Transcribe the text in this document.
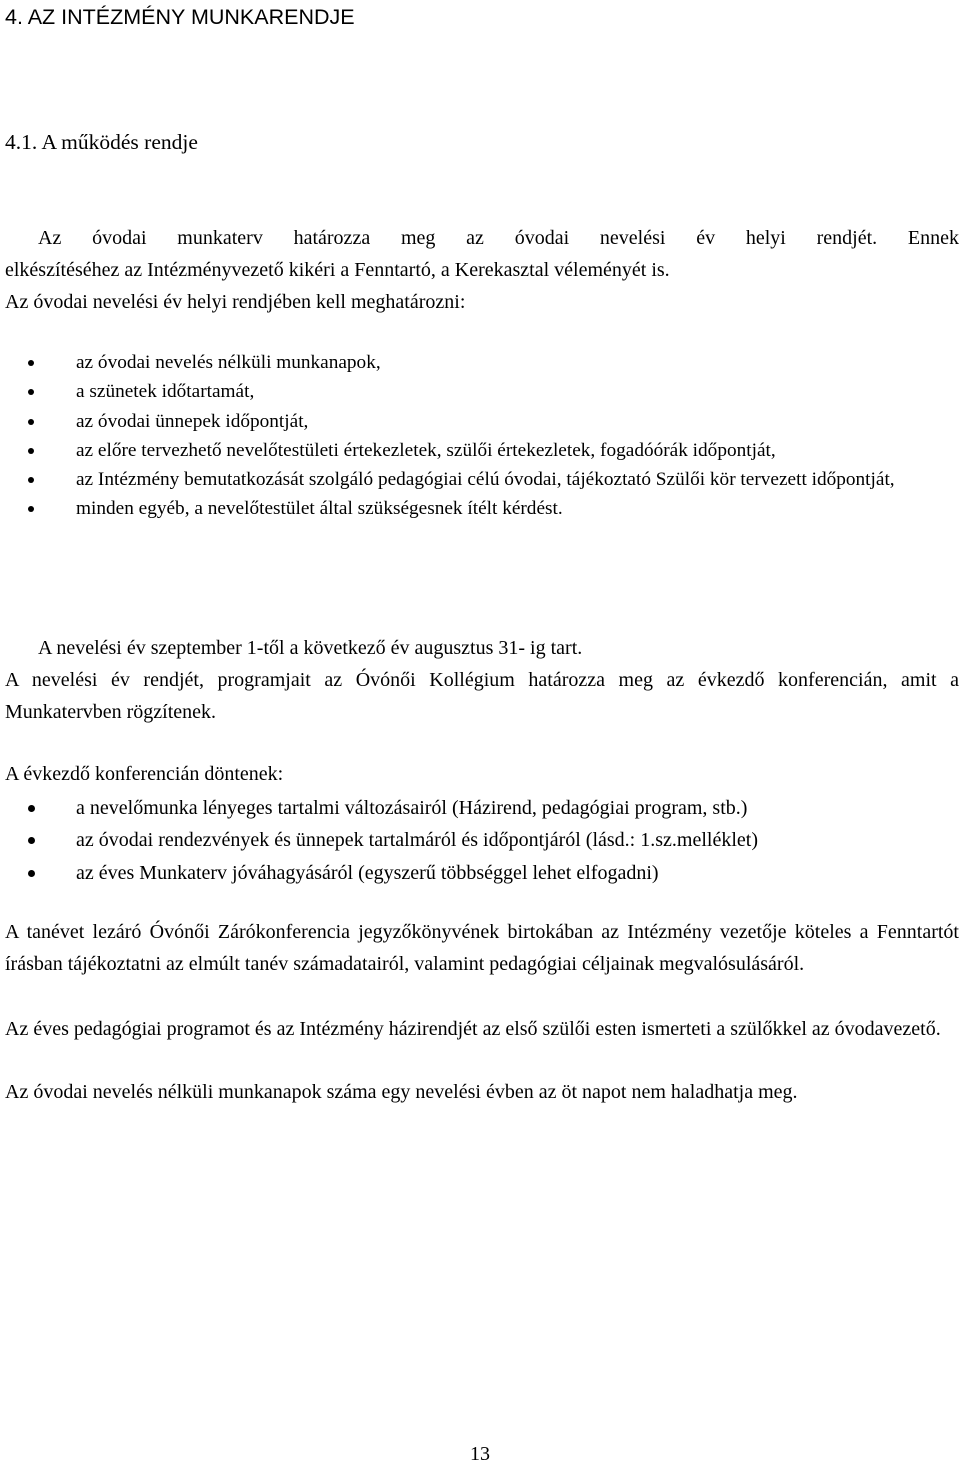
4. AZ INTÉZMÉNY MUNKARENDJE
4.1. A működés rendje

Az óvodai munkaterv határozza meg az óvodai nevelési év helyi rendjét. Ennek

elkészítéséhez az Intézményvezető kikéri a Fenntartó, a Kerekasztal véleményét is.

Az óvodai nevelési év helyi rendjében kell meghatározni:

az óvodai nevelés nélküli munkanapok,
a szünetek időtartamát,
az óvodai ünnepek időpontját,
az előre tervezhető nevelőtestületi értekezletek, szülői értekezletek, fogadóórák időpontját,
az Intézmény bemutatkozását szolgáló pedagógiai célú óvodai, tájékoztató Szülői kör tervezett időpontját,
minden egyéb, a nevelőtestület által szükségesnek ítélt kérdést.

A nevelési év szeptember 1-től a következő év augusztus 31- ig tart.

A nevelési év rendjét, programjait az Óvónői Kollégium határozza meg az évkezdő konferencián, amit a Munkatervben rögzítenek.

A évkezdő konferencián döntenek:

a nevelőmunka lényeges tartalmi változásairól (Házirend, pedagógiai program, stb.)
az óvodai rendezvények és ünnepek tartalmáról és időpontjáról (lásd.: 1.sz.melléklet)
az éves Munkaterv jóváhagyásáról (egyszerű többséggel lehet elfogadni)

A tanévet lezáró Óvónői Zárókonferencia jegyzőkönyvének birtokában az Intézmény vezetője köteles a Fenntartót írásban tájékoztatni az elmúlt tanév számadatairól, valamint pedagógiai céljainak megvalósulásáról.

Az éves pedagógiai programot és az Intézmény házirendjét az első szülői esten ismerteti a szülőkkel az óvodavezető.

Az óvodai nevelés nélküli munkanapok száma egy nevelési évben az öt napot nem haladhatja meg.

13
